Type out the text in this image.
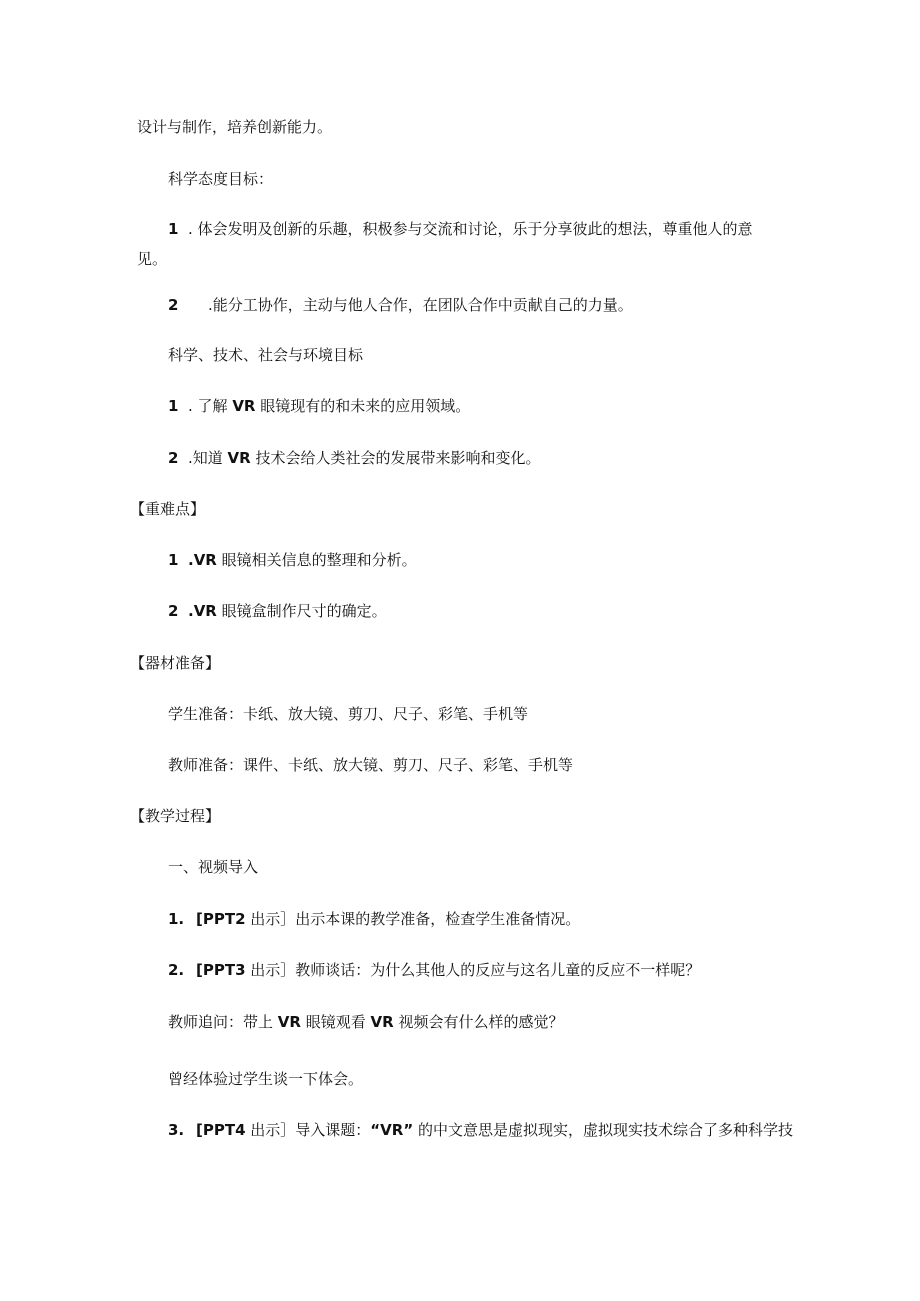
设计与制作，培养创新能力。
科学态度目标：
1 . 体会发明及创新的乐趣，积极参与交流和讨论，乐于分享彼此的想法，尊重他人的意
见。
2 .能分工协作，主动与他人合作，在团队合作中贡献自己的力量。
科学、技术、社会与环境目标
1 . 了解 VR 眼镜现有的和未来的应用领域。
2 .知道 VR 技术会给人类社会的发展带来影响和变化。
【重难点】
1 .VR 眼镜相关信息的整理和分析。
2 .VR 眼镜盒制作尺寸的确定。
【器材准备】
学生准备：卡纸、放大镜、剪刀、尺子、彩笔、手机等
教师准备：课件、卡纸、放大镜、剪刀、尺子、彩笔、手机等
【教学过程】
一、视频导入
1. [PPT2 出示］出示本课的教学准备，检查学生准备情况。
2. [PPT3 出示］教师谈话：为什么其他人的反应与这名儿童的反应不一样呢？
教师追问：带上 VR 眼镜观看 VR 视频会有什么样的感觉？
曾经体验过学生谈一下体会。
3. [PPT4 出示］导入课题：“VR” 的中文意思是虚拟现实，虚拟现实技术综合了多种科学技
